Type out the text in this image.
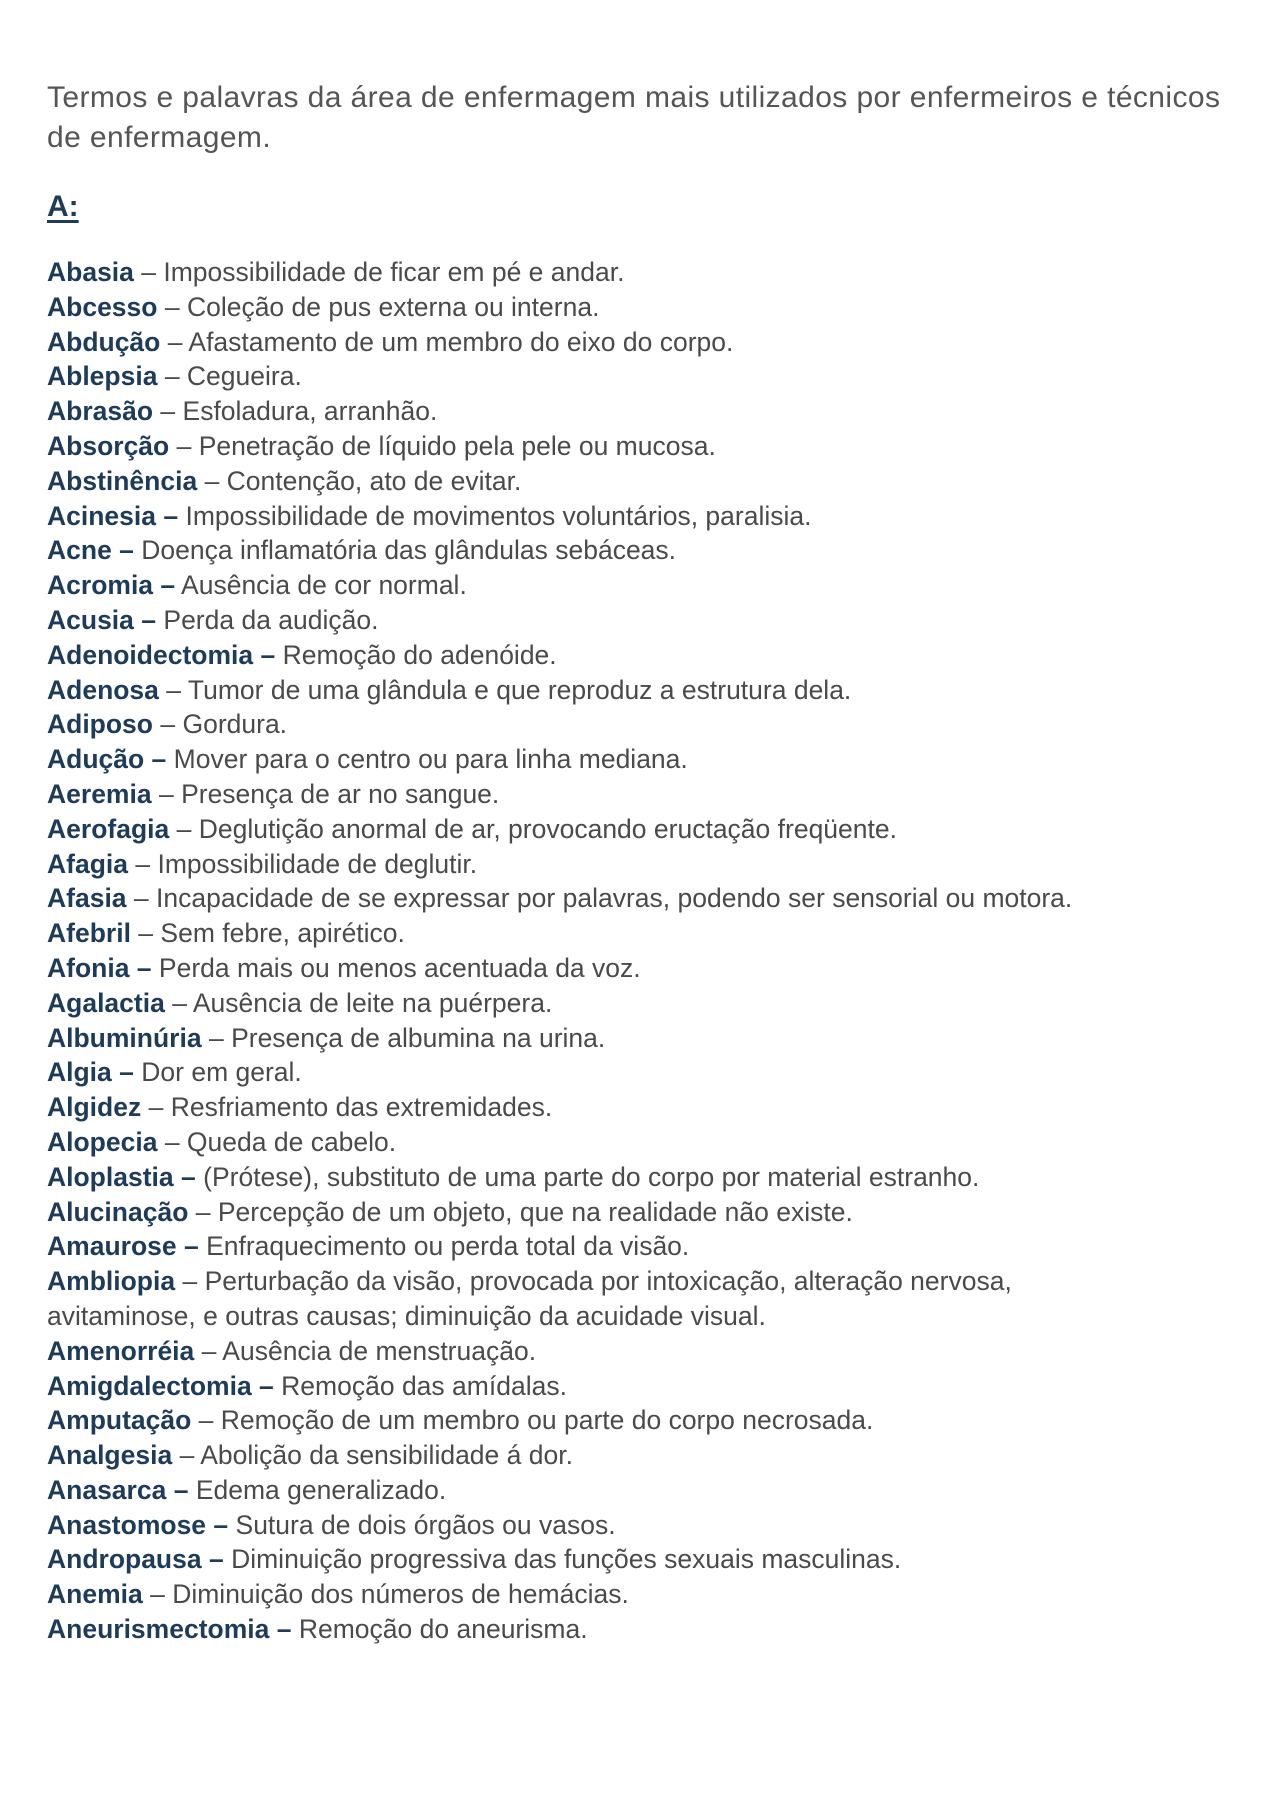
Termos e palavras da área de enfermagem mais utilizados por enfermeiros e técnicos de enfermagem.
A:
Abasia – Impossibilidade de ficar em pé e andar.
Abcesso – Coleção de pus externa ou interna.
Abdução – Afastamento de um membro do eixo do corpo.
Ablepsia – Cegueira.
Abrasão – Esfoladura, arranhão.
Absorção – Penetração de líquido pela pele ou mucosa.
Abstinência – Contenção, ato de evitar.
Acinesia – Impossibilidade de movimentos voluntários, paralisia.
Acne – Doença inflamatória das glândulas sebáceas.
Acromia – Ausência de cor normal.
Acusia – Perda da audição.
Adenoidectomia – Remoção do adenóide.
Adenosa – Tumor de uma glândula e que reproduz a estrutura dela.
Adiposo – Gordura.
Adução – Mover para o centro ou para linha mediana.
Aeremia – Presença de ar no sangue.
Aerofagia – Deglutição anormal de ar, provocando eructação freqüente.
Afagia – Impossibilidade de deglutir.
Afasia – Incapacidade de se expressar por palavras, podendo ser sensorial ou motora.
Afebril – Sem febre, apirético.
Afonia – Perda mais ou menos acentuada da voz.
Agalactia – Ausência de leite na puérpera.
Albuminúria – Presença de albumina na urina.
Algia – Dor em geral.
Algidez – Resfriamento das extremidades.
Alopecia – Queda de cabelo.
Aloplastia – (Prótese), substituto de uma parte do corpo por material estranho.
Alucinação – Percepção de um objeto, que na realidade não existe.
Amaurose – Enfraquecimento ou perda total da visão.
Ambliopia – Perturbação da visão, provocada por intoxicação, alteração nervosa, avitaminose, e outras causas; diminuição da acuidade visual.
Amenorréia – Ausência de menstruação.
Amigdalectomia – Remoção das amídalas.
Amputação – Remoção de um membro ou parte do corpo necrosada.
Analgesia – Abolição da sensibilidade á dor.
Anasarca – Edema generalizado.
Anastomose – Sutura de dois órgãos ou vasos.
Andropausa – Diminuição progressiva das funções sexuais masculinas.
Anemia – Diminuição dos números de hemácias.
Aneurismectomia – Remoção do aneurisma.
